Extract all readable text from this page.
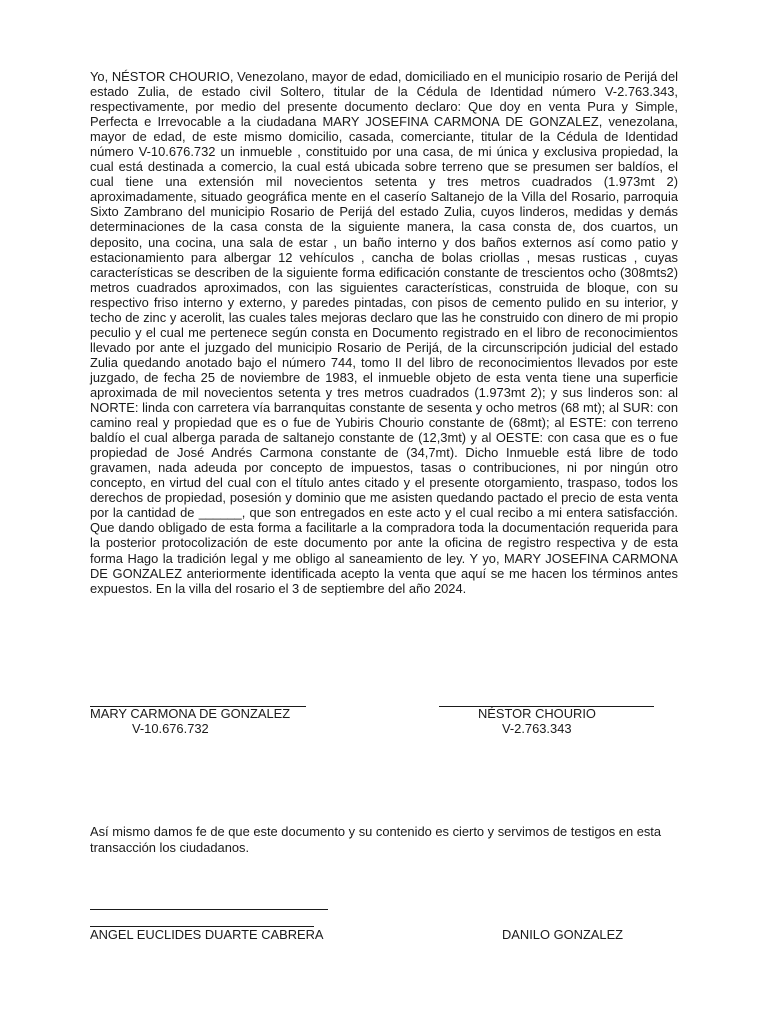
Yo, NÉSTOR CHOURIO, Venezolano, mayor de edad, domiciliado en el municipio rosario de Perijá del estado Zulia, de estado civil Soltero, titular de la Cédula de Identidad número V-2.763.343, respectivamente, por medio del presente documento declaro: Que doy en venta Pura y Simple, Perfecta e Irrevocable a la ciudadana MARY JOSEFINA CARMONA DE GONZALEZ, venezolana, mayor de edad, de este mismo domicilio, casada, comerciante, titular de la Cédula de Identidad número V-10.676.732 un inmueble , constituido por una casa, de mi única y exclusiva propiedad, la cual está destinada a comercio, la cual está ubicada sobre terreno que se presumen ser baldíos, el cual tiene una extensión mil novecientos setenta y tres metros cuadrados (1.973mt 2) aproximadamente, situado geográfica mente en el caserío Saltanejo de la Villa del Rosario, parroquia Sixto Zambrano del municipio Rosario de Perijá del estado Zulia, cuyos linderos, medidas y demás determinaciones de la casa consta de la siguiente manera, la casa consta de, dos cuartos, un deposito, una cocina, una sala de estar , un baño interno y dos baños externos así como patio y estacionamiento para albergar 12 vehículos , cancha de bolas criollas , mesas rusticas , cuyas características se describen de la siguiente forma edificación constante de trescientos ocho (308mts2) metros cuadrados aproximados, con las siguientes características, construida de bloque, con su respectivo friso interno y externo, y paredes pintadas, con pisos de cemento pulido en su interior, y techo de zinc y acerolit, las cuales tales mejoras declaro que las he construido con dinero de mi propio peculio y el cual me pertenece según consta en Documento registrado en el libro de reconocimientos llevado por ante el juzgado del municipio Rosario de Perijá, de la circunscripción judicial del estado Zulia quedando anotado bajo el número 744, tomo II del libro de reconocimientos llevados por este juzgado, de fecha 25 de noviembre de 1983, el inmueble objeto de esta venta tiene una superficie aproximada de mil novecientos setenta y tres metros cuadrados (1.973mt 2); y sus linderos son: al NORTE: linda con carretera vía barranquitas constante de sesenta y ocho metros (68 mt); al SUR: con camino real y propiedad que es o fue de Yubiris Chourio constante de (68mt); al ESTE: con terreno baldío el cual alberga parada de saltanejo constante de (12,3mt) y al OESTE: con casa que es o fue propiedad de José Andrés Carmona constante de (34,7mt). Dicho Inmueble está libre de todo gravamen, nada adeuda por concepto de impuestos, tasas o contribuciones, ni por ningún otro concepto, en virtud del cual con el título antes citado y el presente otorgamiento, traspaso, todos los derechos de propiedad, posesión y dominio que me asisten quedando pactado el precio de esta venta por la cantidad de ______, que son entregados en este acto y el cual recibo a mi entera satisfacción. Que dando obligado de esta forma a facilitarle a la compradora toda la documentación requerida para la posterior protocolización de este documento por ante la oficina de registro respectiva y de esta forma Hago la tradición legal y me obligo al saneamiento de ley. Y yo, MARY JOSEFINA CARMONA DE GONZALEZ anteriormente identificada acepto la venta que aquí se me hacen los términos antes expuestos. En la villa del rosario el 3 de septiembre del año 2024.

MARY CARMONA DE GONZALEZ
V-10.676.732
NÉSTOR CHOURIO
V-2.763.343

Así mismo damos fe de que este documento y su contenido es cierto y servimos de testigos en esta transacción los ciudadanos.

ANGEL EUCLIDES DUARTE CABRERA	DANILO GONZALEZ
